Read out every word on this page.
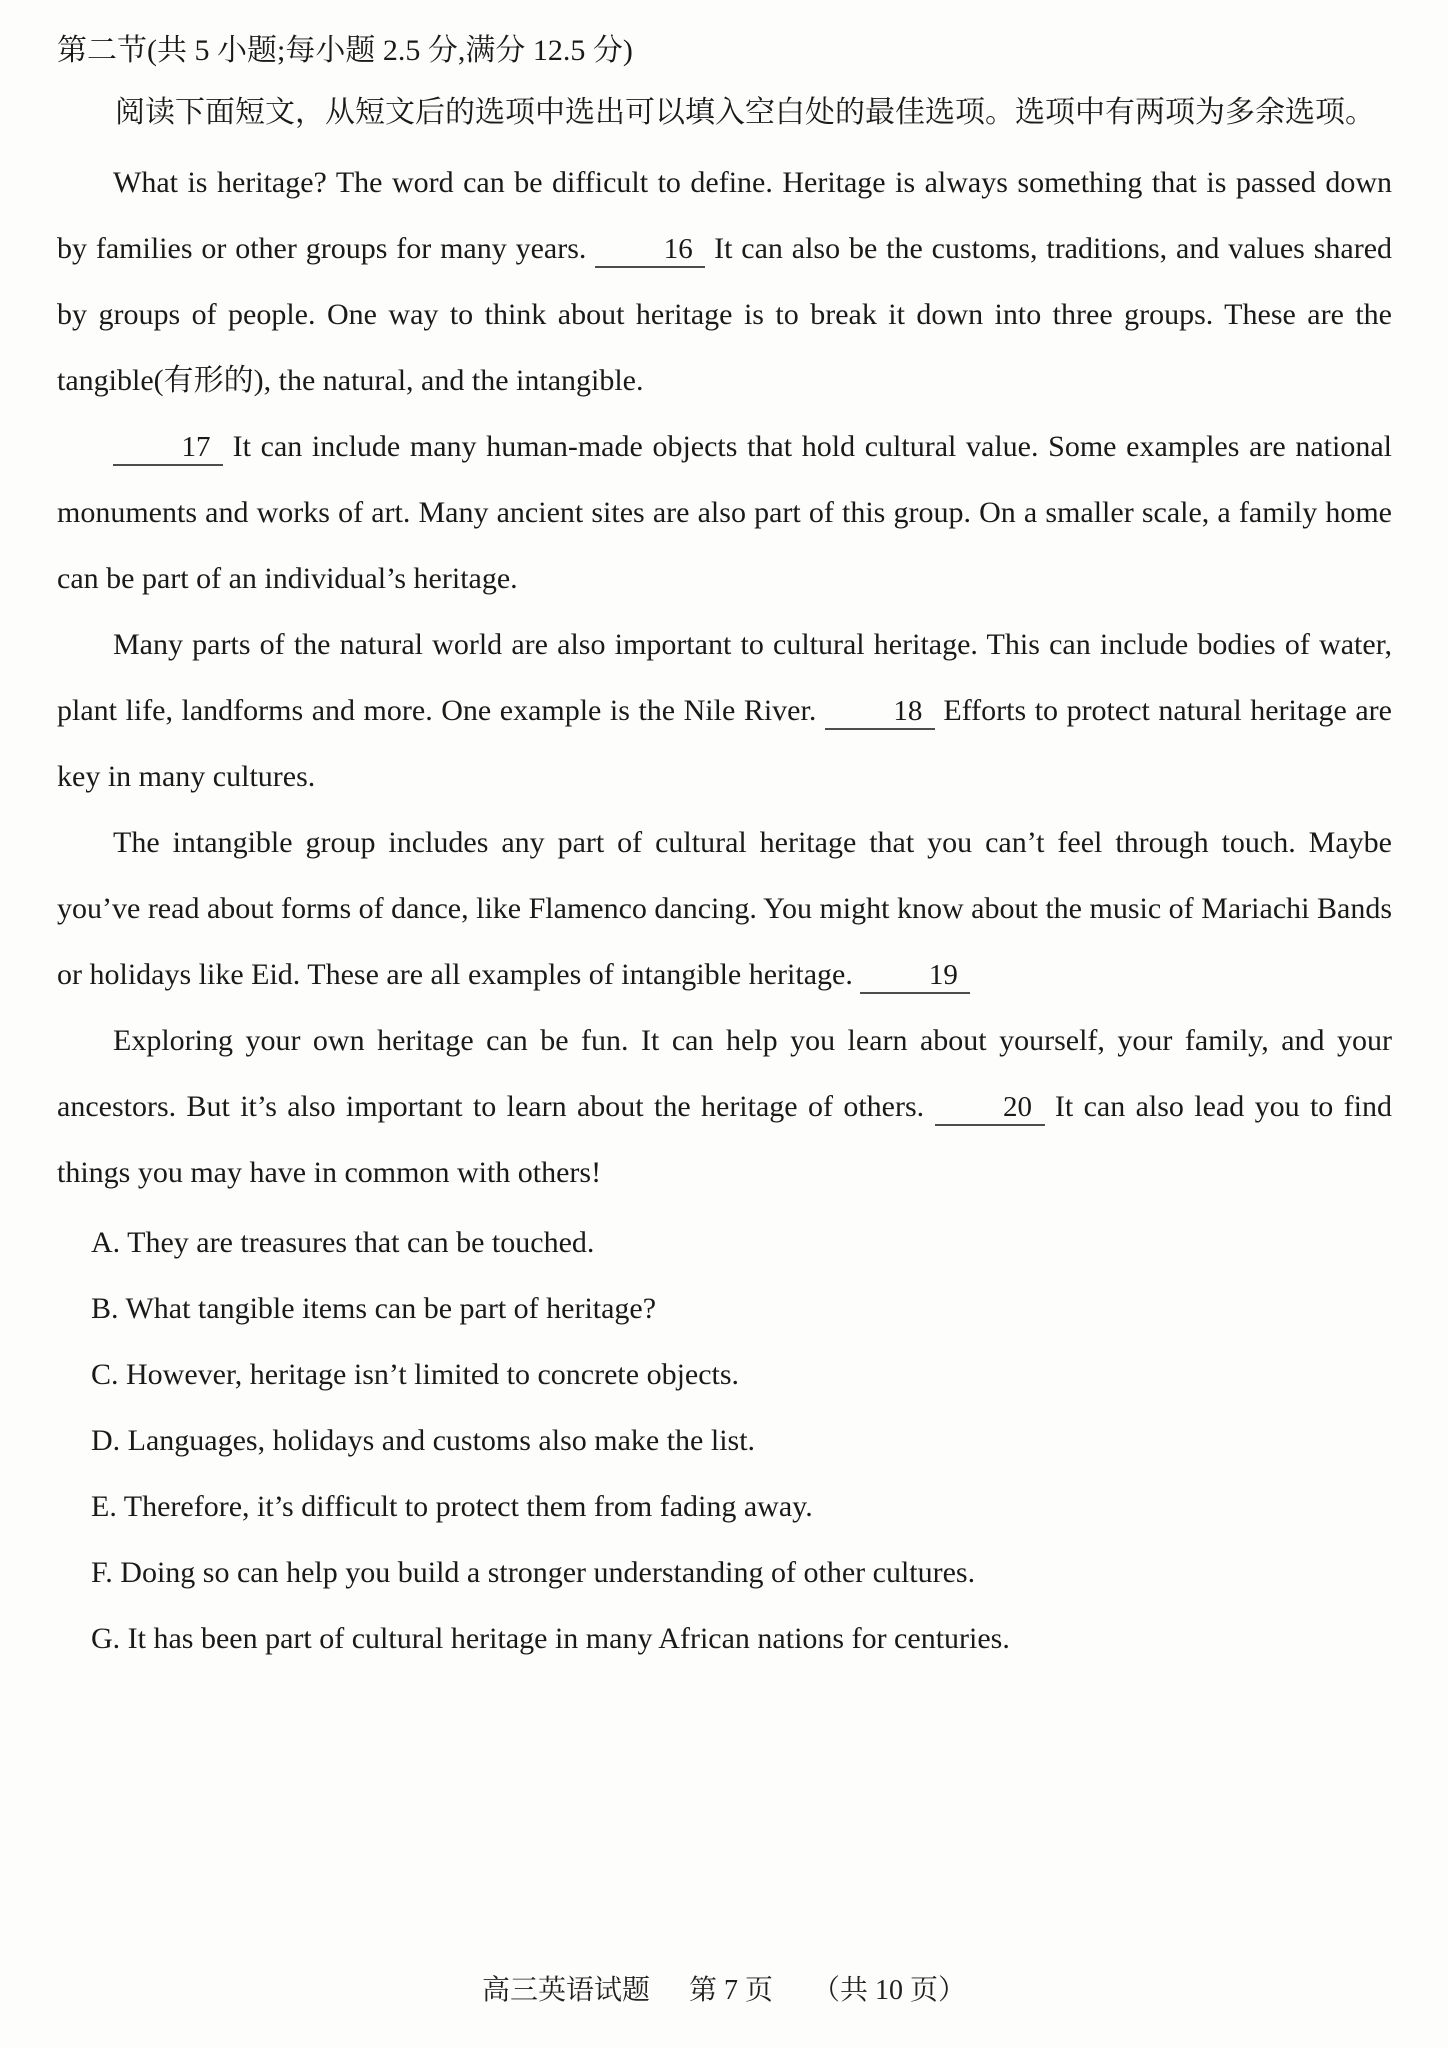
第二节(共 5 小题;每小题 2.5 分,满分 12.5 分)

阅读下面短文，从短文后的选项中选出可以填入空白处的最佳选项。选项中有两项为多余选项。

What is heritage? The word can be difficult to define. Heritage is always something that is passed down by families or other groups for many years. 16 It can also be the customs, traditions, and values shared by groups of people. One way to think about heritage is to break it down into three groups. These are the tangible(有形的), the natural, and the intangible.

17 It can include many human-made objects that hold cultural value. Some examples are national monuments and works of art. Many ancient sites are also part of this group. On a smaller scale, a family home can be part of an individual’s heritage.

Many parts of the natural world are also important to cultural heritage. This can include bodies of water, plant life, landforms and more. One example is the Nile River. 18 Efforts to protect natural heritage are key in many cultures.

The intangible group includes any part of cultural heritage that you can’t feel through touch. Maybe you’ve read about forms of dance, like Flamenco dancing. You might know about the music of Mariachi Bands or holidays like Eid. These are all examples of intangible heritage. 19

Exploring your own heritage can be fun. It can help you learn about yourself, your family, and your ancestors. But it’s also important to learn about the heritage of others. 20 It can also lead you to find things you may have in common with others!

A. They are treasures that can be touched.
B. What tangible items can be part of heritage?
C. However, heritage isn’t limited to concrete objects.
D. Languages, holidays and customs also make the list.
E. Therefore, it’s difficult to protect them from fading away.
F. Doing so can help you build a stronger understanding of other cultures.
G. It has been part of cultural heritage in many African nations for centuries.
高三英语试题 第 7 页 （共 10 页）
